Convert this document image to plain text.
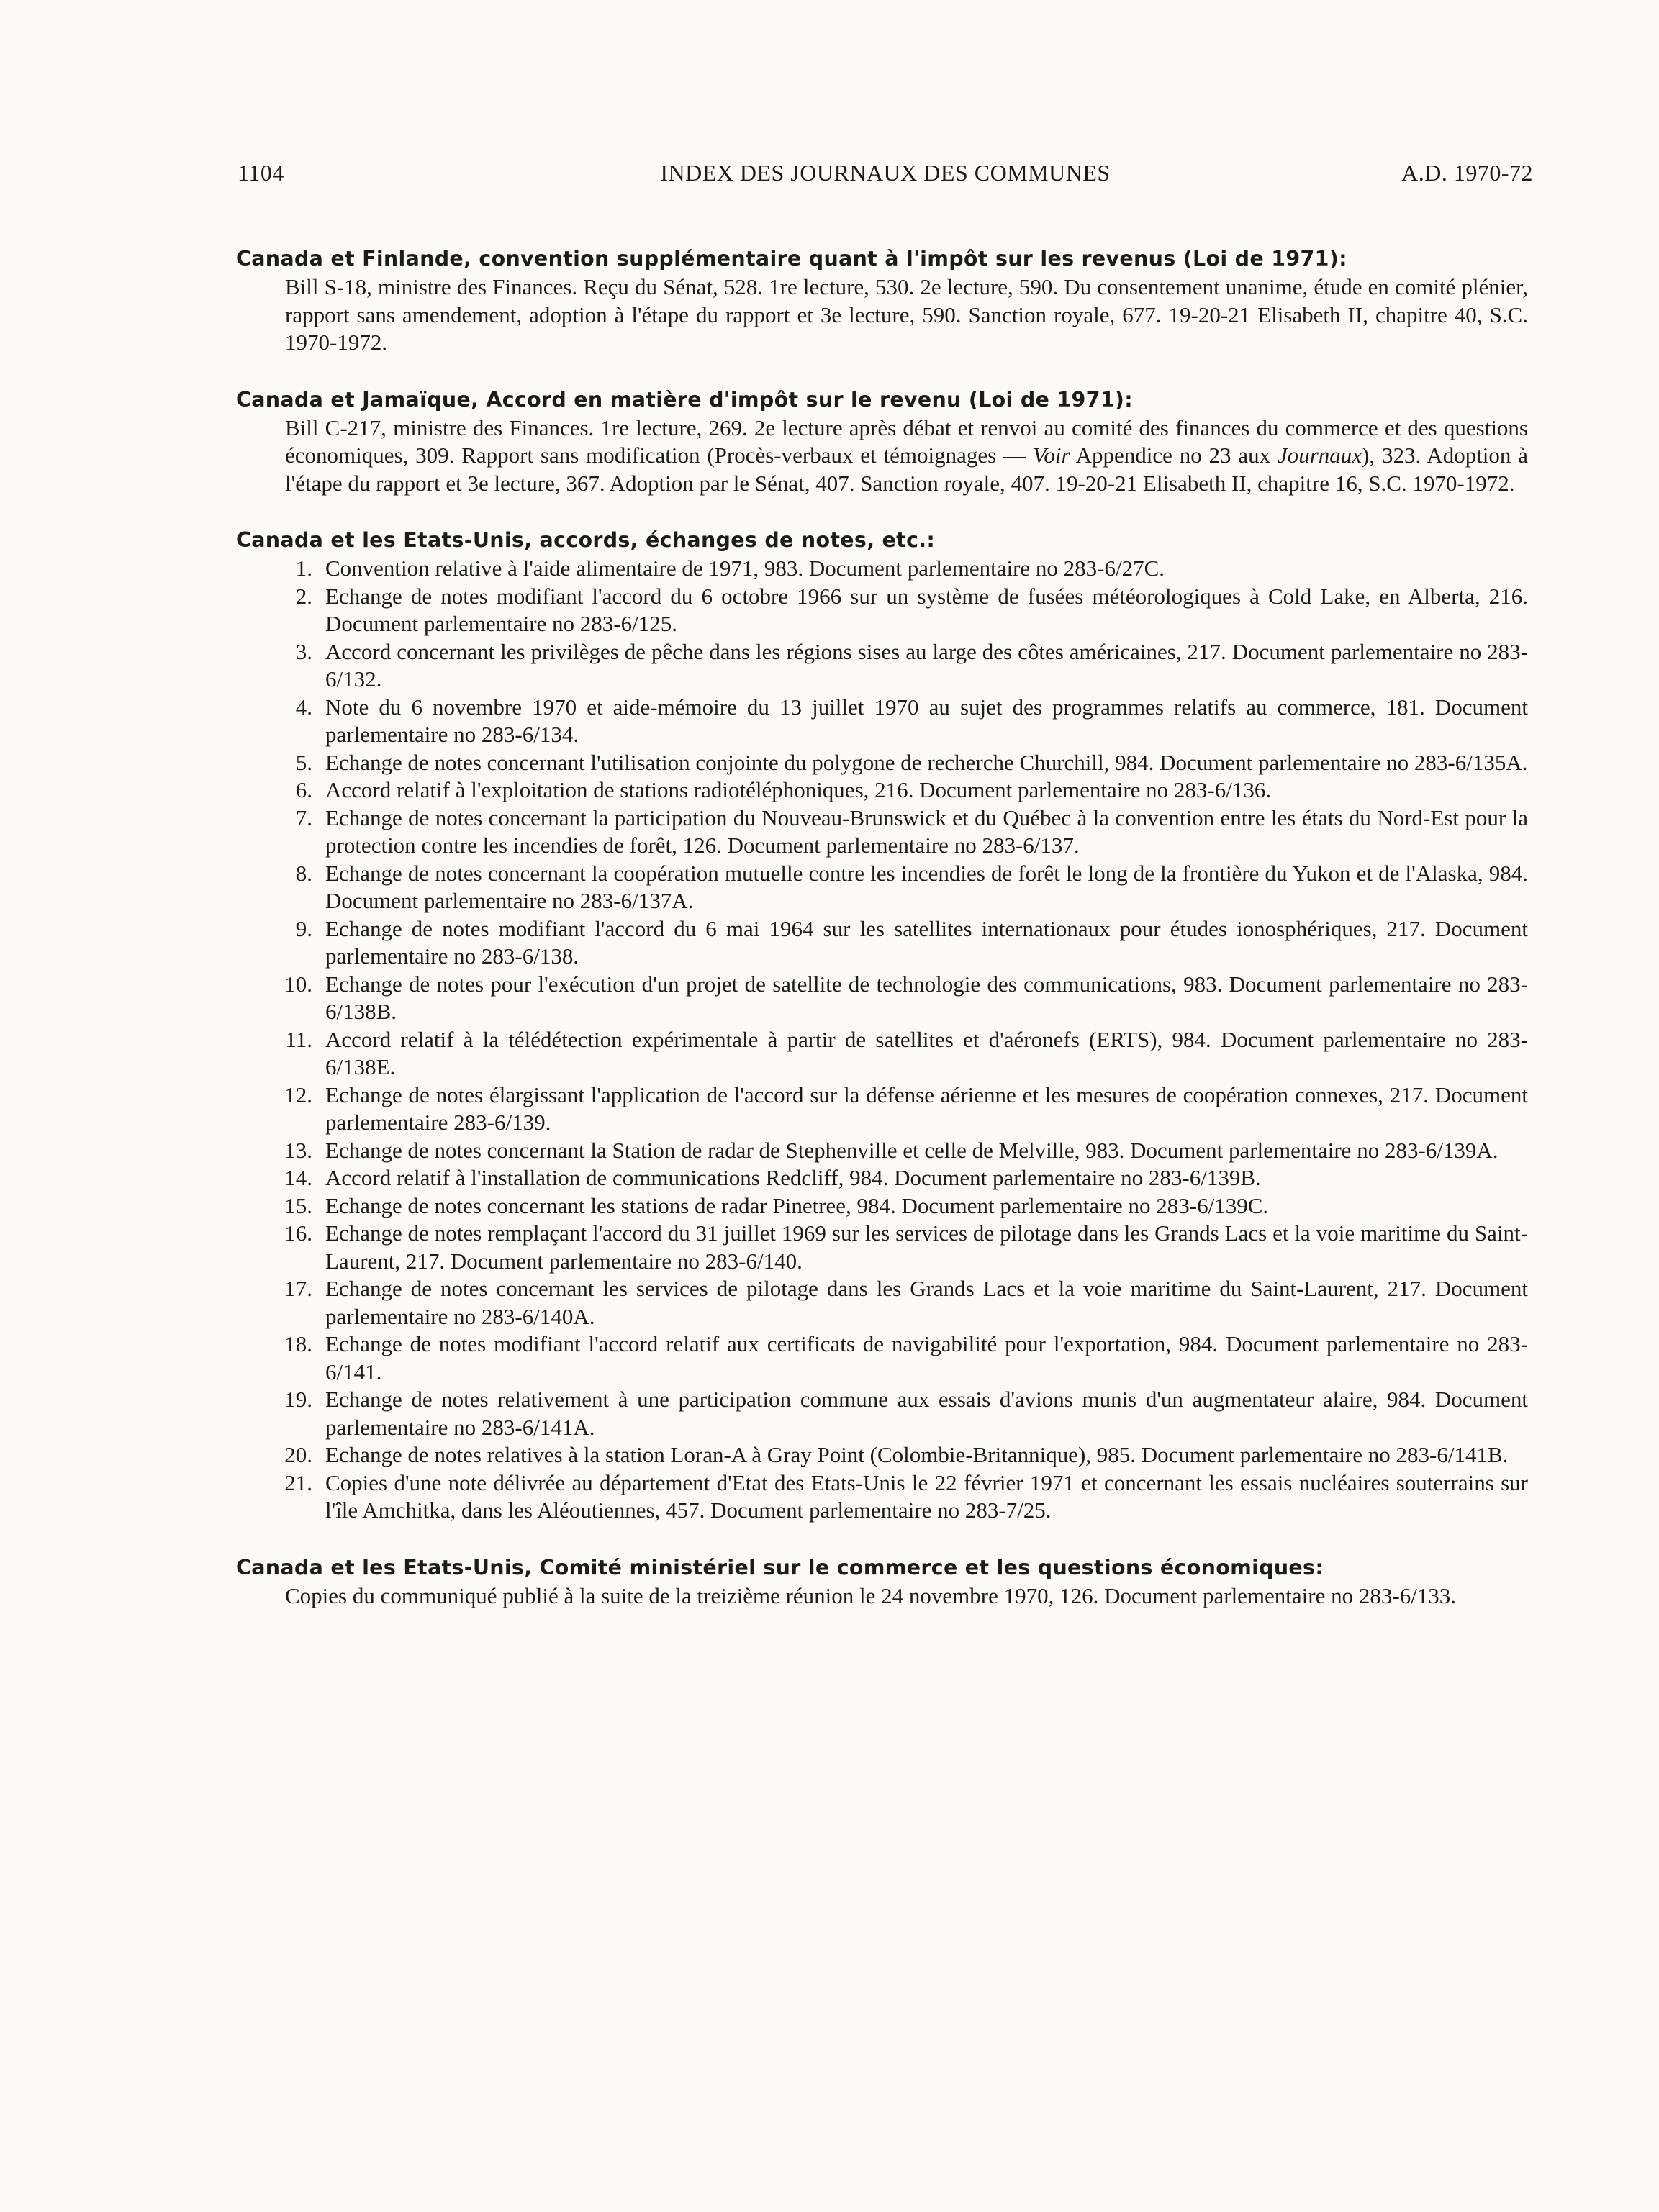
1104	INDEX DES JOURNAUX DES COMMUNES	A.D. 1970-72
Canada et Finlande, convention supplémentaire quant à l'impôt sur les revenus (Loi de 1971):
Bill S-18, ministre des Finances. Reçu du Sénat, 528. 1re lecture, 530. 2e lecture, 590. Du consentement unanime, étude en comité plénier, rapport sans amendement, adoption à l'étape du rapport et 3e lecture, 590. Sanction royale, 677. 19-20-21 Elisabeth II, chapitre 40, S.C. 1970-1972.
Canada et Jamaïque, Accord en matière d'impôt sur le revenu (Loi de 1971):
Bill C-217, ministre des Finances. 1re lecture, 269. 2e lecture après débat et renvoi au comité des finances du commerce et des questions économiques, 309. Rapport sans modification (Procès-verbaux et témoignages — Voir Appendice no 23 aux Journaux), 323. Adoption à l'étape du rapport et 3e lecture, 367. Adoption par le Sénat, 407. Sanction royale, 407. 19-20-21 Elisabeth II, chapitre 16, S.C. 1970-1972.
Canada et les Etats-Unis, accords, échanges de notes, etc.:
1. Convention relative à l'aide alimentaire de 1971, 983. Document parlementaire no 283-6/27C.
2. Echange de notes modifiant l'accord du 6 octobre 1966 sur un système de fusées météorologiques à Cold Lake, en Alberta, 216. Document parlementaire no 283-6/125.
3. Accord concernant les privilèges de pêche dans les régions sises au large des côtes américaines, 217. Document parlementaire no 283-6/132.
4. Note du 6 novembre 1970 et aide-mémoire du 13 juillet 1970 au sujet des programmes relatifs au commerce, 181. Document parlementaire no 283-6/134.
5. Echange de notes concernant l'utilisation conjointe du polygone de recherche Churchill, 984. Document parlementaire no 283-6/135A.
6. Accord relatif à l'exploitation de stations radiotéléphoniques, 216. Document parlementaire no 283-6/136.
7. Echange de notes concernant la participation du Nouveau-Brunswick et du Québec à la convention entre les états du Nord-Est pour la protection contre les incendies de forêt, 126. Document parlementaire no 283-6/137.
8. Echange de notes concernant la coopération mutuelle contre les incendies de forêt le long de la frontière du Yukon et de l'Alaska, 984. Document parlementaire no 283-6/137A.
9. Echange de notes modifiant l'accord du 6 mai 1964 sur les satellites internationaux pour études ionosphériques, 217. Document parlementaire no 283-6/138.
10. Echange de notes pour l'exécution d'un projet de satellite de technologie des communications, 983. Document parlementaire no 283-6/138B.
11. Accord relatif à la télédétection expérimentale à partir de satellites et d'aéronefs (ERTS), 984. Document parlementaire no 283-6/138E.
12. Echange de notes élargissant l'application de l'accord sur la défense aérienne et les mesures de coopération connexes, 217. Document parlementaire 283-6/139.
13. Echange de notes concernant la Station de radar de Stephenville et celle de Melville, 983. Document parlementaire no 283-6/139A.
14. Accord relatif à l'installation de communications Redcliff, 984. Document parlementaire no 283-6/139B.
15. Echange de notes concernant les stations de radar Pinetree, 984. Document parlementaire no 283-6/139C.
16. Echange de notes remplaçant l'accord du 31 juillet 1969 sur les services de pilotage dans les Grands Lacs et la voie maritime du Saint-Laurent, 217. Document parlementaire no 283-6/140.
17. Echange de notes concernant les services de pilotage dans les Grands Lacs et la voie maritime du Saint-Laurent, 217. Document parlementaire no 283-6/140A.
18. Echange de notes modifiant l'accord relatif aux certificats de navigabilité pour l'exportation, 984. Document parlementaire no 283-6/141.
19. Echange de notes relativement à une participation commune aux essais d'avions munis d'un augmentateur alaire, 984. Document parlementaire no 283-6/141A.
20. Echange de notes relatives à la station Loran-A à Gray Point (Colombie-Britannique), 985. Document parlementaire no 283-6/141B.
21. Copies d'une note délivrée au département d'Etat des Etats-Unis le 22 février 1971 et concernant les essais nucléaires souterrains sur l'île Amchitka, dans les Aléoutiennes, 457. Document parlementaire no 283-7/25.
Canada et les Etats-Unis, Comité ministériel sur le commerce et les questions économiques:
Copies du communiqué publié à la suite de la treizième réunion le 24 novembre 1970, 126. Document parlementaire no 283-6/133.
